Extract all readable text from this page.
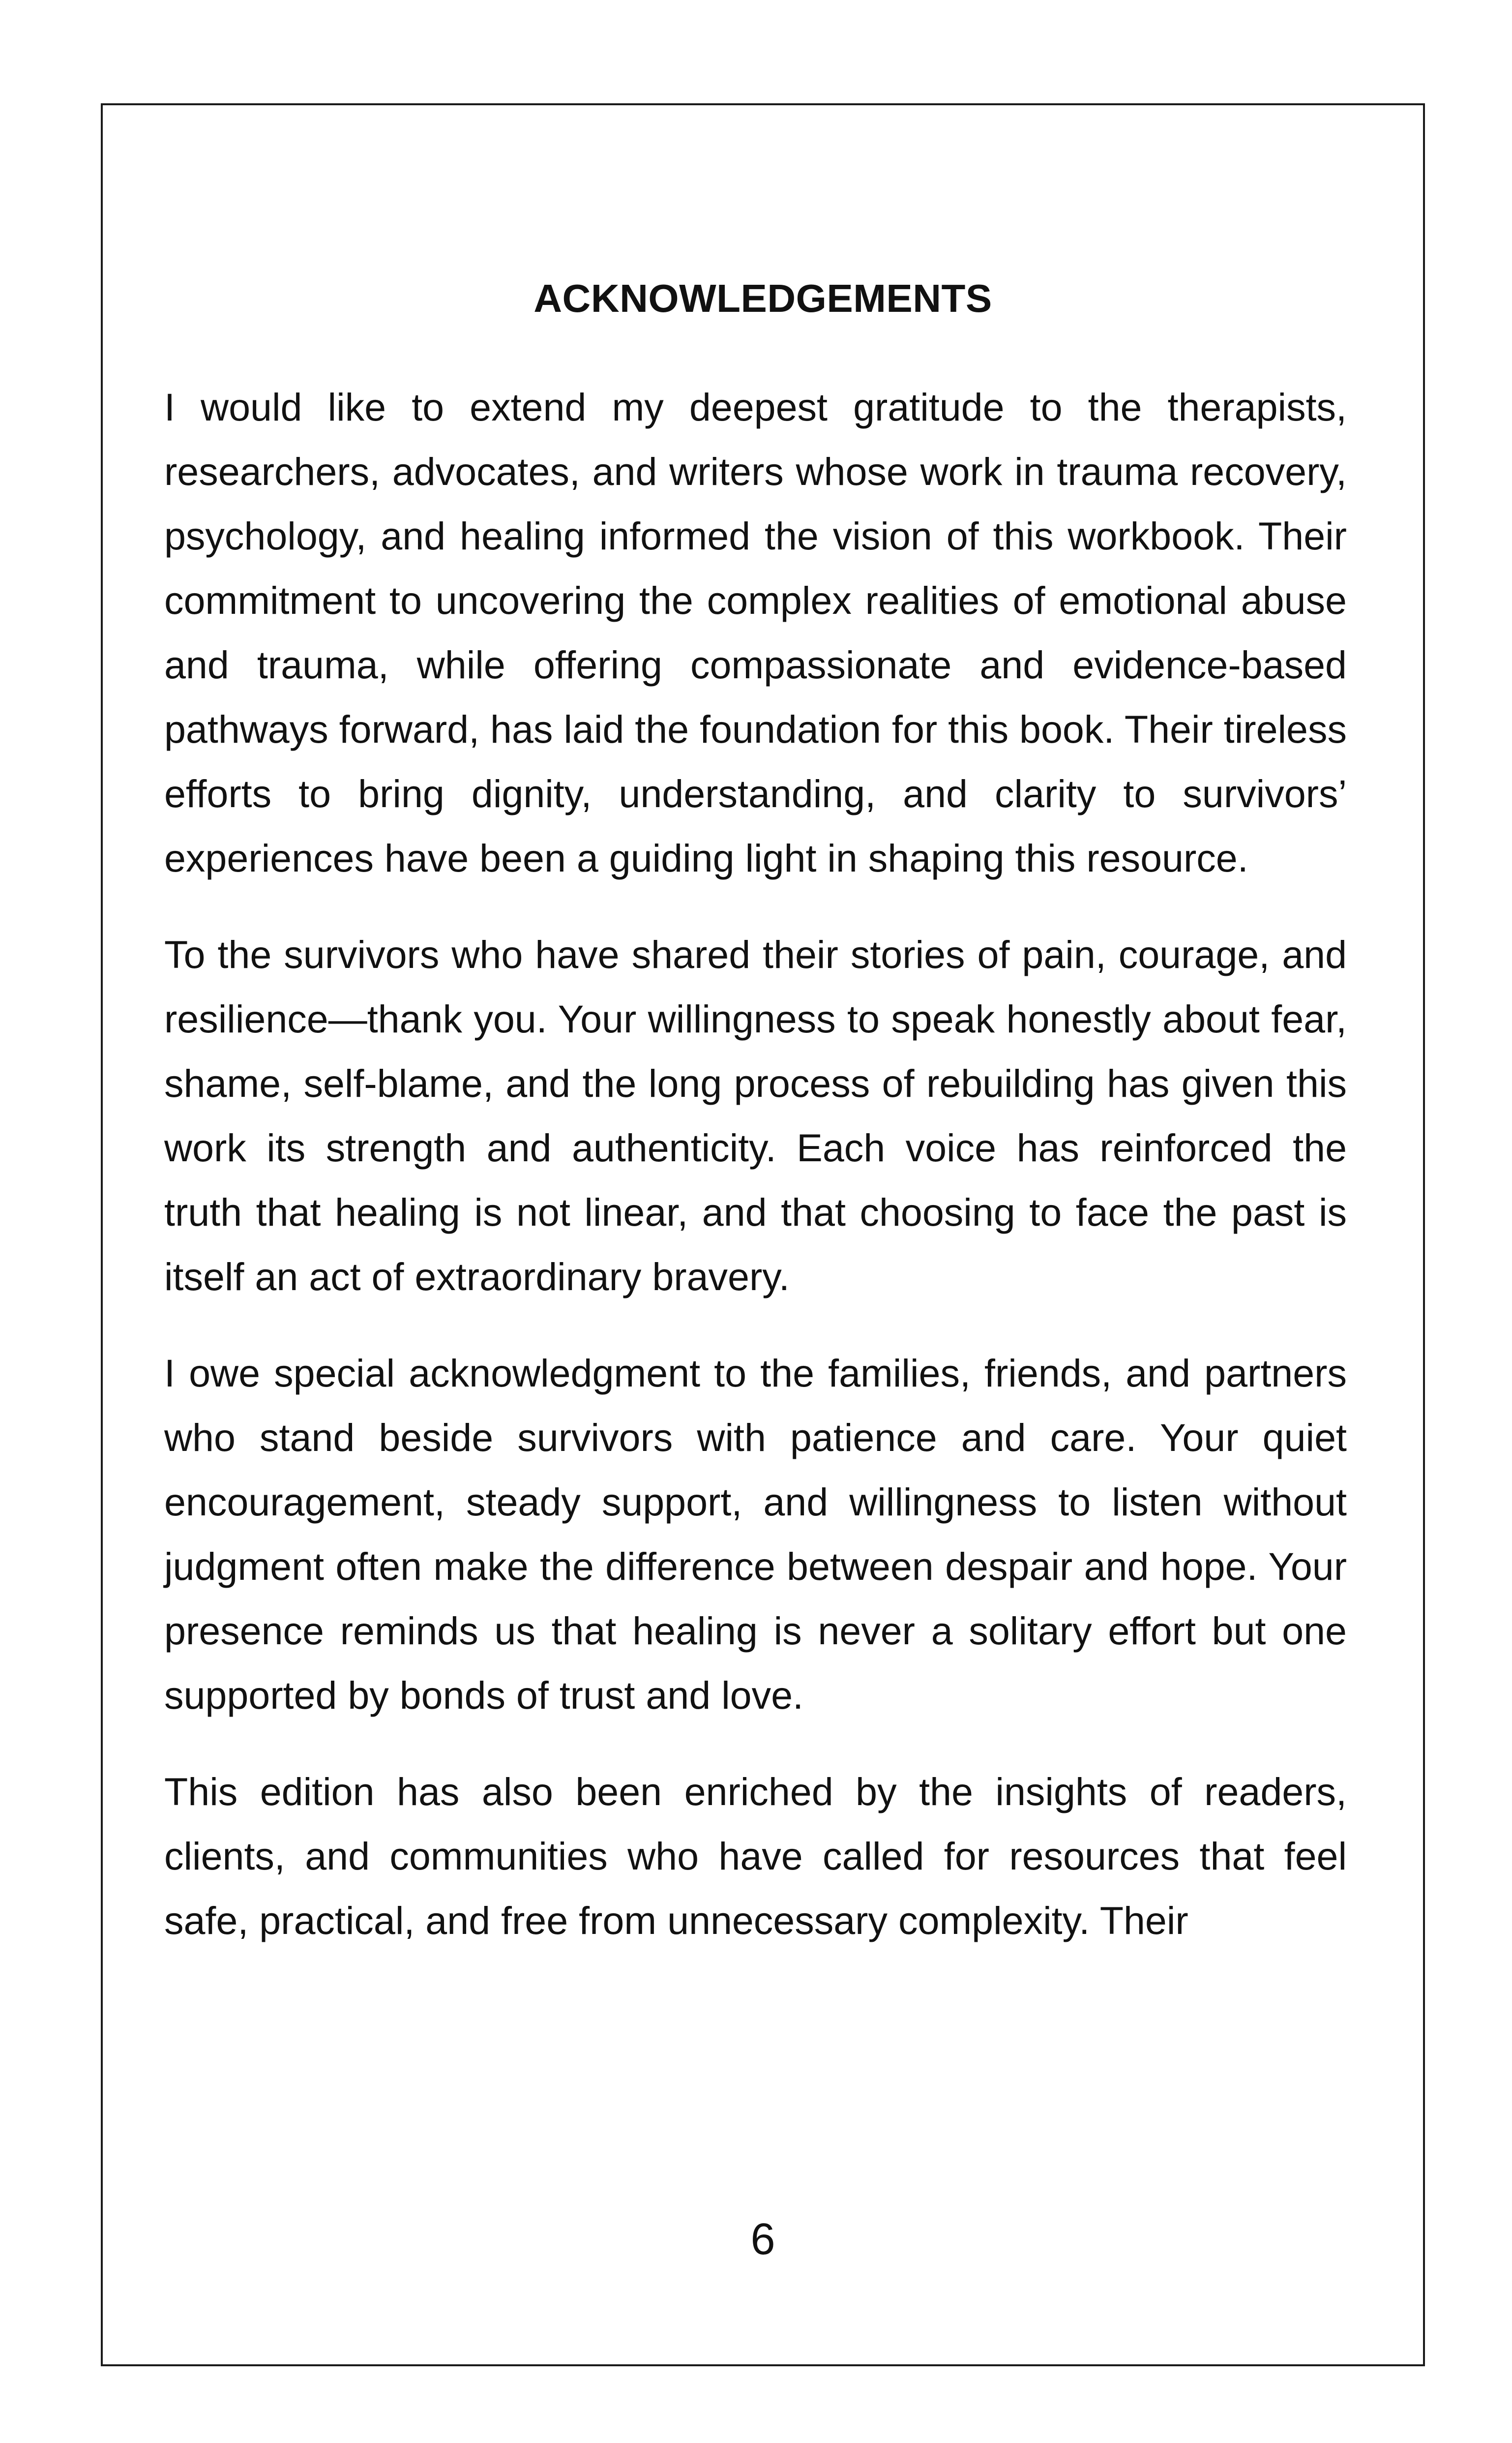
ACKNOWLEDGEMENTS

I would like to extend my deepest gratitude to the therapists, researchers, advocates, and writers whose work in trauma recovery, psychology, and healing informed the vision of this workbook. Their commitment to uncovering the complex realities of emotional abuse and trauma, while offering compassionate and evidence-based pathways forward, has laid the foundation for this book. Their tireless efforts to bring dignity, understanding, and clarity to survivors’ experiences have been a guiding light in shaping this resource.

To the survivors who have shared their stories of pain, courage, and resilience—thank you. Your willingness to speak honestly about fear, shame, self-blame, and the long process of rebuilding has given this work its strength and authenticity. Each voice has reinforced the truth that healing is not linear, and that choosing to face the past is itself an act of extraordinary bravery.

I owe special acknowledgment to the families, friends, and partners who stand beside survivors with patience and care. Your quiet encouragement, steady support, and willingness to listen without judgment often make the difference between despair and hope. Your presence reminds us that healing is never a solitary effort but one supported by bonds of trust and love.

This edition has also been enriched by the insights of readers, clients, and communities who have called for resources that feel safe, practical, and free from unnecessary complexity. Their

6
